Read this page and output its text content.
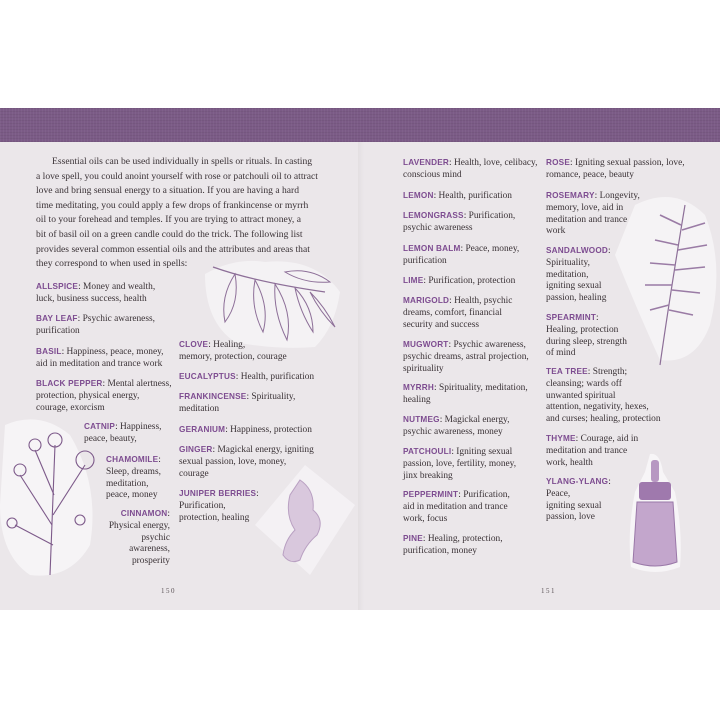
Essential oils can be used individually in spells or rituals. In casting
a love spell, you could anoint yourself with rose or patchouli oil to attract
love and bring sensual energy to a situation. If you are having a hard
time meditating, you could apply a few drops of frankincense or myrrh
oil to your forehead and temples. If you are trying to attract money, a
bit of basil oil on a green candle could do the trick. The following list
provides several common essential oils and the attributes and areas that
they correspond to when used in spells:
ALLSPICE: Money and wealth,
luck, business success, health
BAY LEAF: Psychic awareness,
purification
BASIL: Happiness, peace, money,
aid in meditation and trance work
BLACK PEPPER: Mental alertness,
protection, physical energy,
courage, exorcism
CATNIP: Happiness,
peace, beauty,
CHAMOMILE:
Sleep, dreams,
meditation,
peace, money
CINNAMON:
Physical energy,
psychic awareness,
prosperity
CLOVE: Healing,
memory, protection, courage
EUCALYPTUS: Health, purification
FRANKINCENSE: Spirituality,
meditation
GERANIUM: Happiness, protection
GINGER: Magickal energy, igniting
sexual passion, love, money,
courage
JUNIPER BERRIES:
Purification,
protection, healing
150
LAVENDER: Health, love, celibacy,
conscious mind
LEMON: Health, purification
LEMONGRASS: Purification,
psychic awareness
LEMON BALM: Peace, money,
purification
LIME: Purification, protection
MARIGOLD: Health, psychic
dreams, comfort, financial
security and success
MUGWORT: Psychic awareness,
psychic dreams, astral projection,
spirituality
MYRRH: Spirituality, meditation,
healing
NUTMEG: Magickal energy,
psychic awareness, money
PATCHOULI: Igniting sexual
passion, love, fertility, money,
jinx breaking
PEPPERMINT: Purification,
aid in meditation and trance
work, focus
PINE: Healing, protection,
purification, money
ROSE: Igniting sexual passion, love,
romance, peace, beauty
ROSEMARY: Longevity,
memory, love, aid in
meditation and trance
work
SANDALWOOD:
Spirituality,
meditation,
igniting sexual
passion, healing
SPEARMINT:
Healing, protection
during sleep, strength
of mind
TEA TREE: Strength;
cleansing; wards off
unwanted spiritual
attention, negativity, hexes,
and curses; healing, protection
THYME: Courage, aid in
meditation and trance
work, health
YLANG-YLANG:
Peace,
igniting sexual
passion, love
151
